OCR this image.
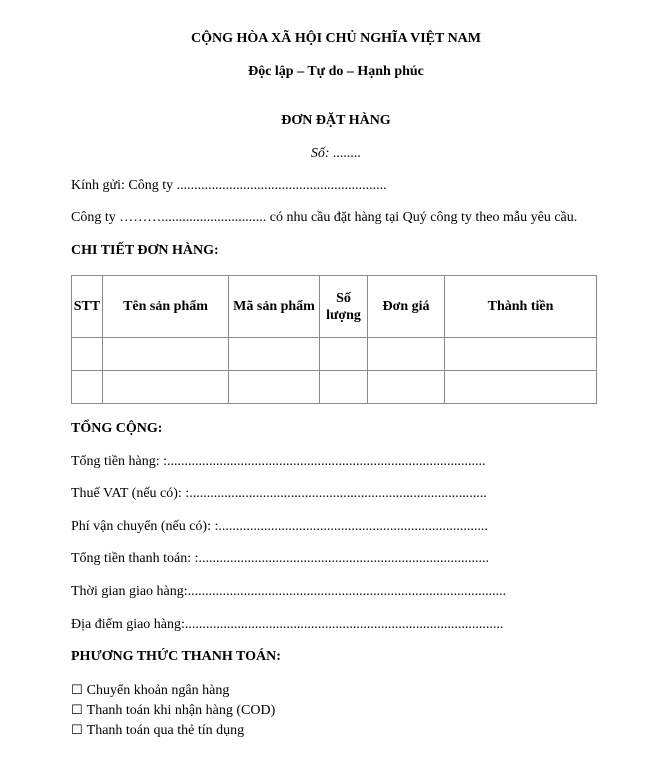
CỘNG HÒA XÃ HỘI CHỦ NGHĨA VIỆT NAM
Độc lập – Tự do – Hạnh phúc
ĐƠN ĐẶT HÀNG
Số: ........
Kính gửi: Công ty ............................................................
Công ty ……….............................. có nhu cầu đặt hàng tại Quý công ty theo mẫu yêu cầu.
CHI TIẾT ĐƠN HÀNG:
STT	Tên sản phẩm	Mã sản phẩm	Số lượng	Đơn giá	Thành tiền

TỔNG CỘNG:
Tổng tiền hàng: :...........................................................................................
Thuế VAT (nếu có): :.....................................................................................
Phí vận chuyển (nếu có): :.............................................................................
Tổng tiền thanh toán: :...................................................................................
Thời gian giao hàng:...........................................................................................
Địa điểm giao hàng:...........................................................................................
PHƯƠNG THỨC THANH TOÁN:
☐ Chuyển khoản ngân hàng
☐ Thanh toán khi nhận hàng (COD)
☐ Thanh toán qua thẻ tín dụng
